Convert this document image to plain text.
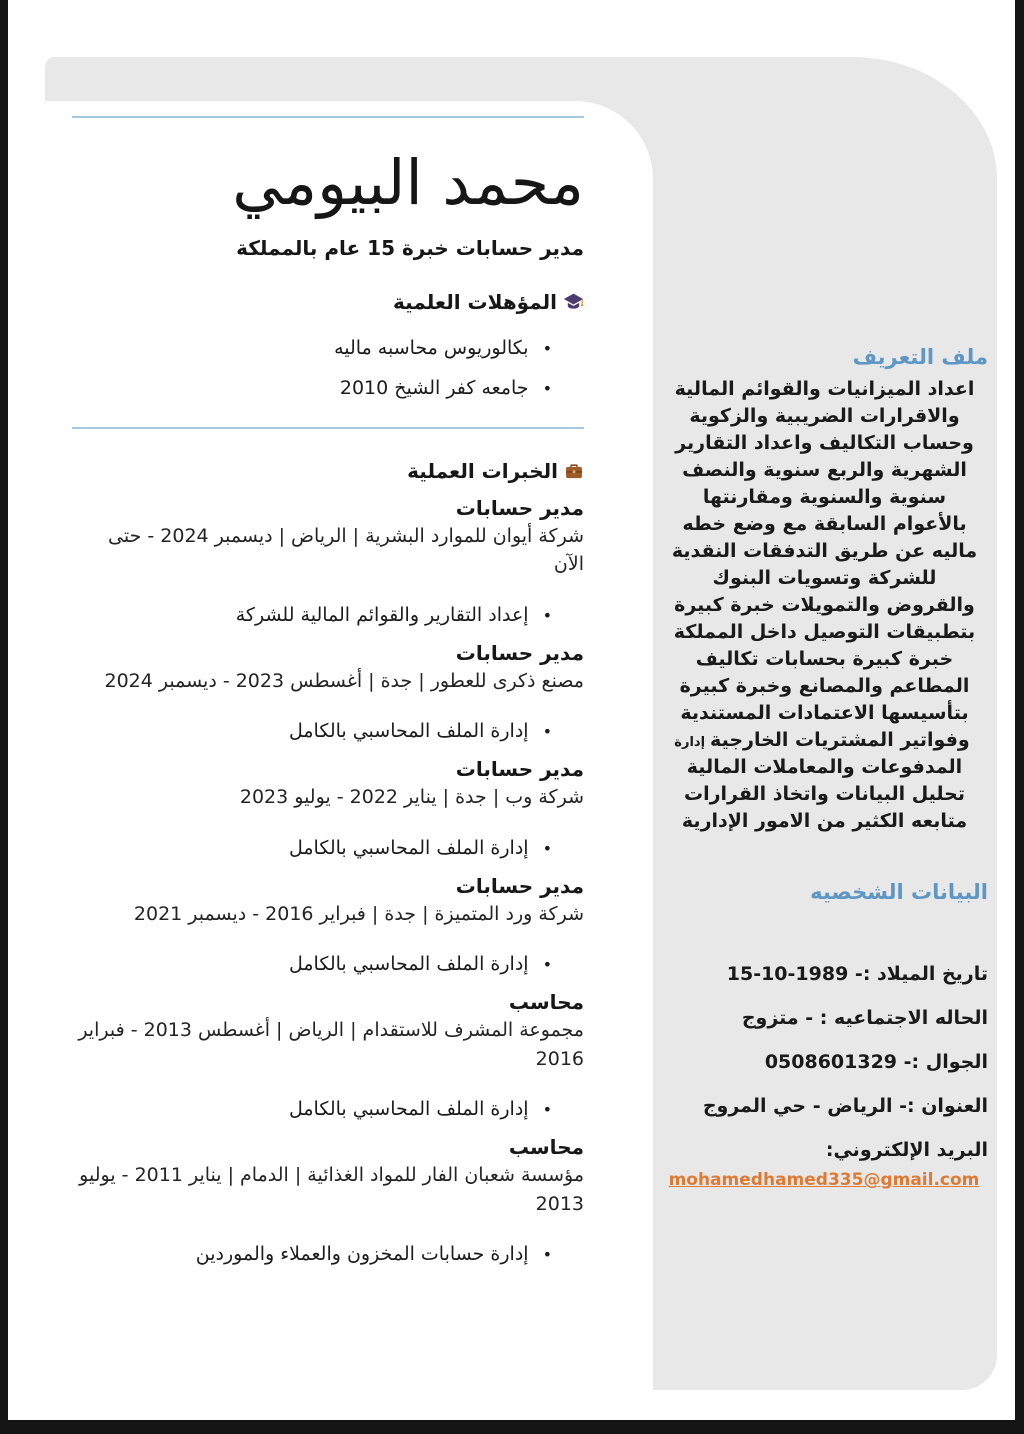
محمد البيومي
مدير حسابات خبرة 15 عام بالمملكة
المؤهلات العلمية
•
بكالوريوس محاسبه ماليه
•
جامعه كفر الشيخ 2010
الخبرات العملية
مدير حسابات
شركة أيوان للموارد البشرية | الرياض | ديسمبر 2024 - حتى الآن
•
إعداد التقارير والقوائم المالية للشركة
مدير حسابات
مصنع ذكرى للعطور | جدة | أغسطس 2023 - ديسمبر 2024
•
إدارة الملف المحاسبي بالكامل
مدير حسابات
شركة وب | جدة | يناير 2022 - يوليو 2023
•
إدارة الملف المحاسبي بالكامل
مدير حسابات
شركة ورد المتميزة | جدة | فبراير 2016 - ديسمبر 2021
•
إدارة الملف المحاسبي بالكامل
محاسب
مجموعة المشرف للاستقدام | الرياض | أغسطس 2013 - فبراير 2016
•
إدارة الملف المحاسبي بالكامل
محاسب
مؤسسة شعبان الفار للمواد الغذائية | الدمام | يناير 2011 - يوليو 2013
•
إدارة حسابات المخزون والعملاء والموردين
ملف التعريف
اعداد الميزانيات والقوائم المالية
والاقرارات الضريبية والزكوية
وحساب التكاليف واعداد التقارير
الشهرية والربع سنوية والنصف
سنوية والسنوية ومقارنتها
بالأعوام السابقة مع وضع خطه
ماليه عن طريق التدفقات النقدية
للشركة وتسويات البنوك
والقروض والتمويلات خبرة كبيرة
بتطبيقات التوصيل داخل المملكة
خبرة كبيرة بحسابات تكاليف
المطاعم والمصانع وخبرة كبيرة
بتأسيسها الاعتمادات المستندية
وفواتير المشتريات الخارجيةإدارة
المدفوعات والمعاملات المالية
تحليل البيانات واتخاذ القرارات
متابعه الكثير من الامور الإدارية
البيانات الشخصيه
تاريخ الميلاد :- 1989-10-15
الحاله الاجتماعيه : - متزوج
الجوال :- 0508601329
العنوان :- الرياض - حي المروج
البريد الإلكتروني:
mohamedhamed335@gmail.com
